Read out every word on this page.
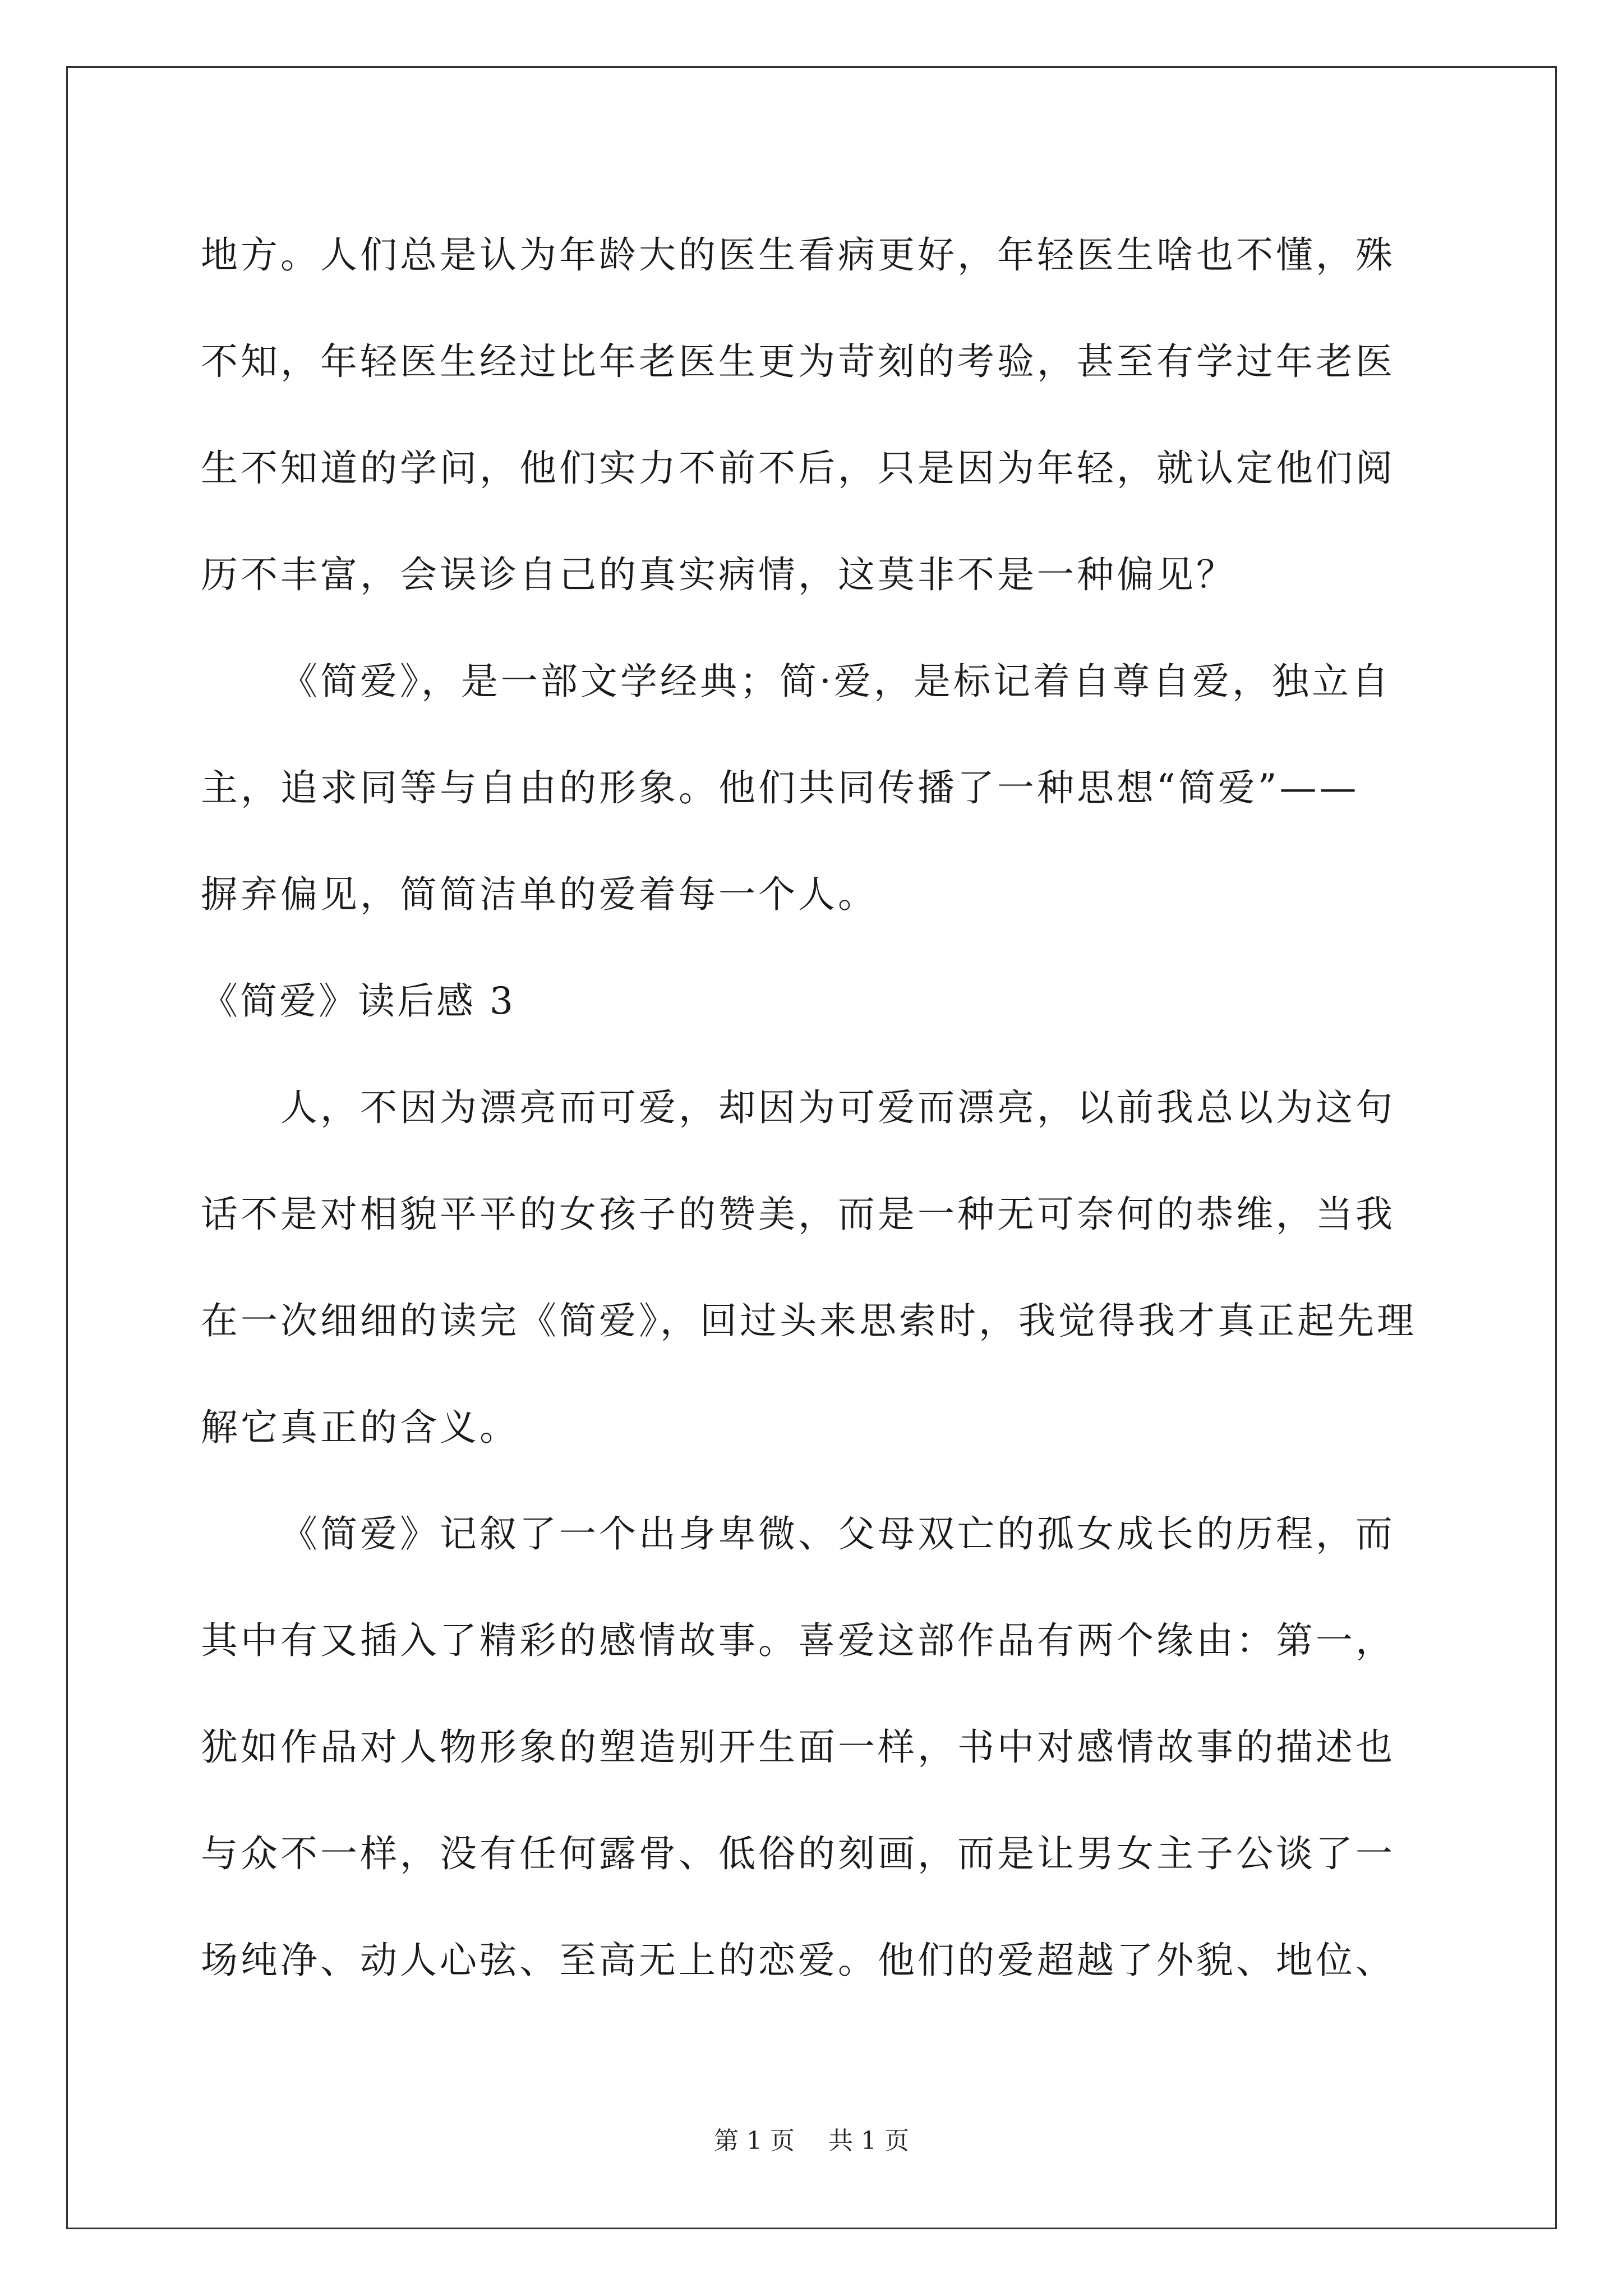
地方。人们总是认为年龄大的医生看病更好，年轻医生啥也不懂，殊
不知，年轻医生经过比年老医生更为苛刻的考验，甚至有学过年老医
生不知道的学问，他们实力不前不后，只是因为年轻，就认定他们阅
历不丰富，会误诊自己的真实病情，这莫非不是一种偏见？
《简爱》，是一部文学经典；简·爱，是标记着自尊自爱，独立自
主，追求同等与自由的形象。他们共同传播了一种思想“简爱”——
摒弃偏见，简简洁单的爱着每一个人。
《简爱》读后感 3
人，不因为漂亮而可爱，却因为可爱而漂亮，以前我总以为这句
话不是对相貌平平的女孩子的赞美，而是一种无可奈何的恭维，当我
在一次细细的读完《简爱》，回过头来思索时，我觉得我才真正起先理
解它真正的含义。
《简爱》记叙了一个出身卑微、父母双亡的孤女成长的历程，而
其中有又插入了精彩的感情故事。喜爱这部作品有两个缘由：第一，
犹如作品对人物形象的塑造别开生面一样，书中对感情故事的描述也
与众不一样，没有任何露骨、低俗的刻画，而是让男女主子公谈了一
场纯净、动人心弦、至高无上的恋爱。他们的爱超越了外貌、地位、
第 1 页 共 1 页
